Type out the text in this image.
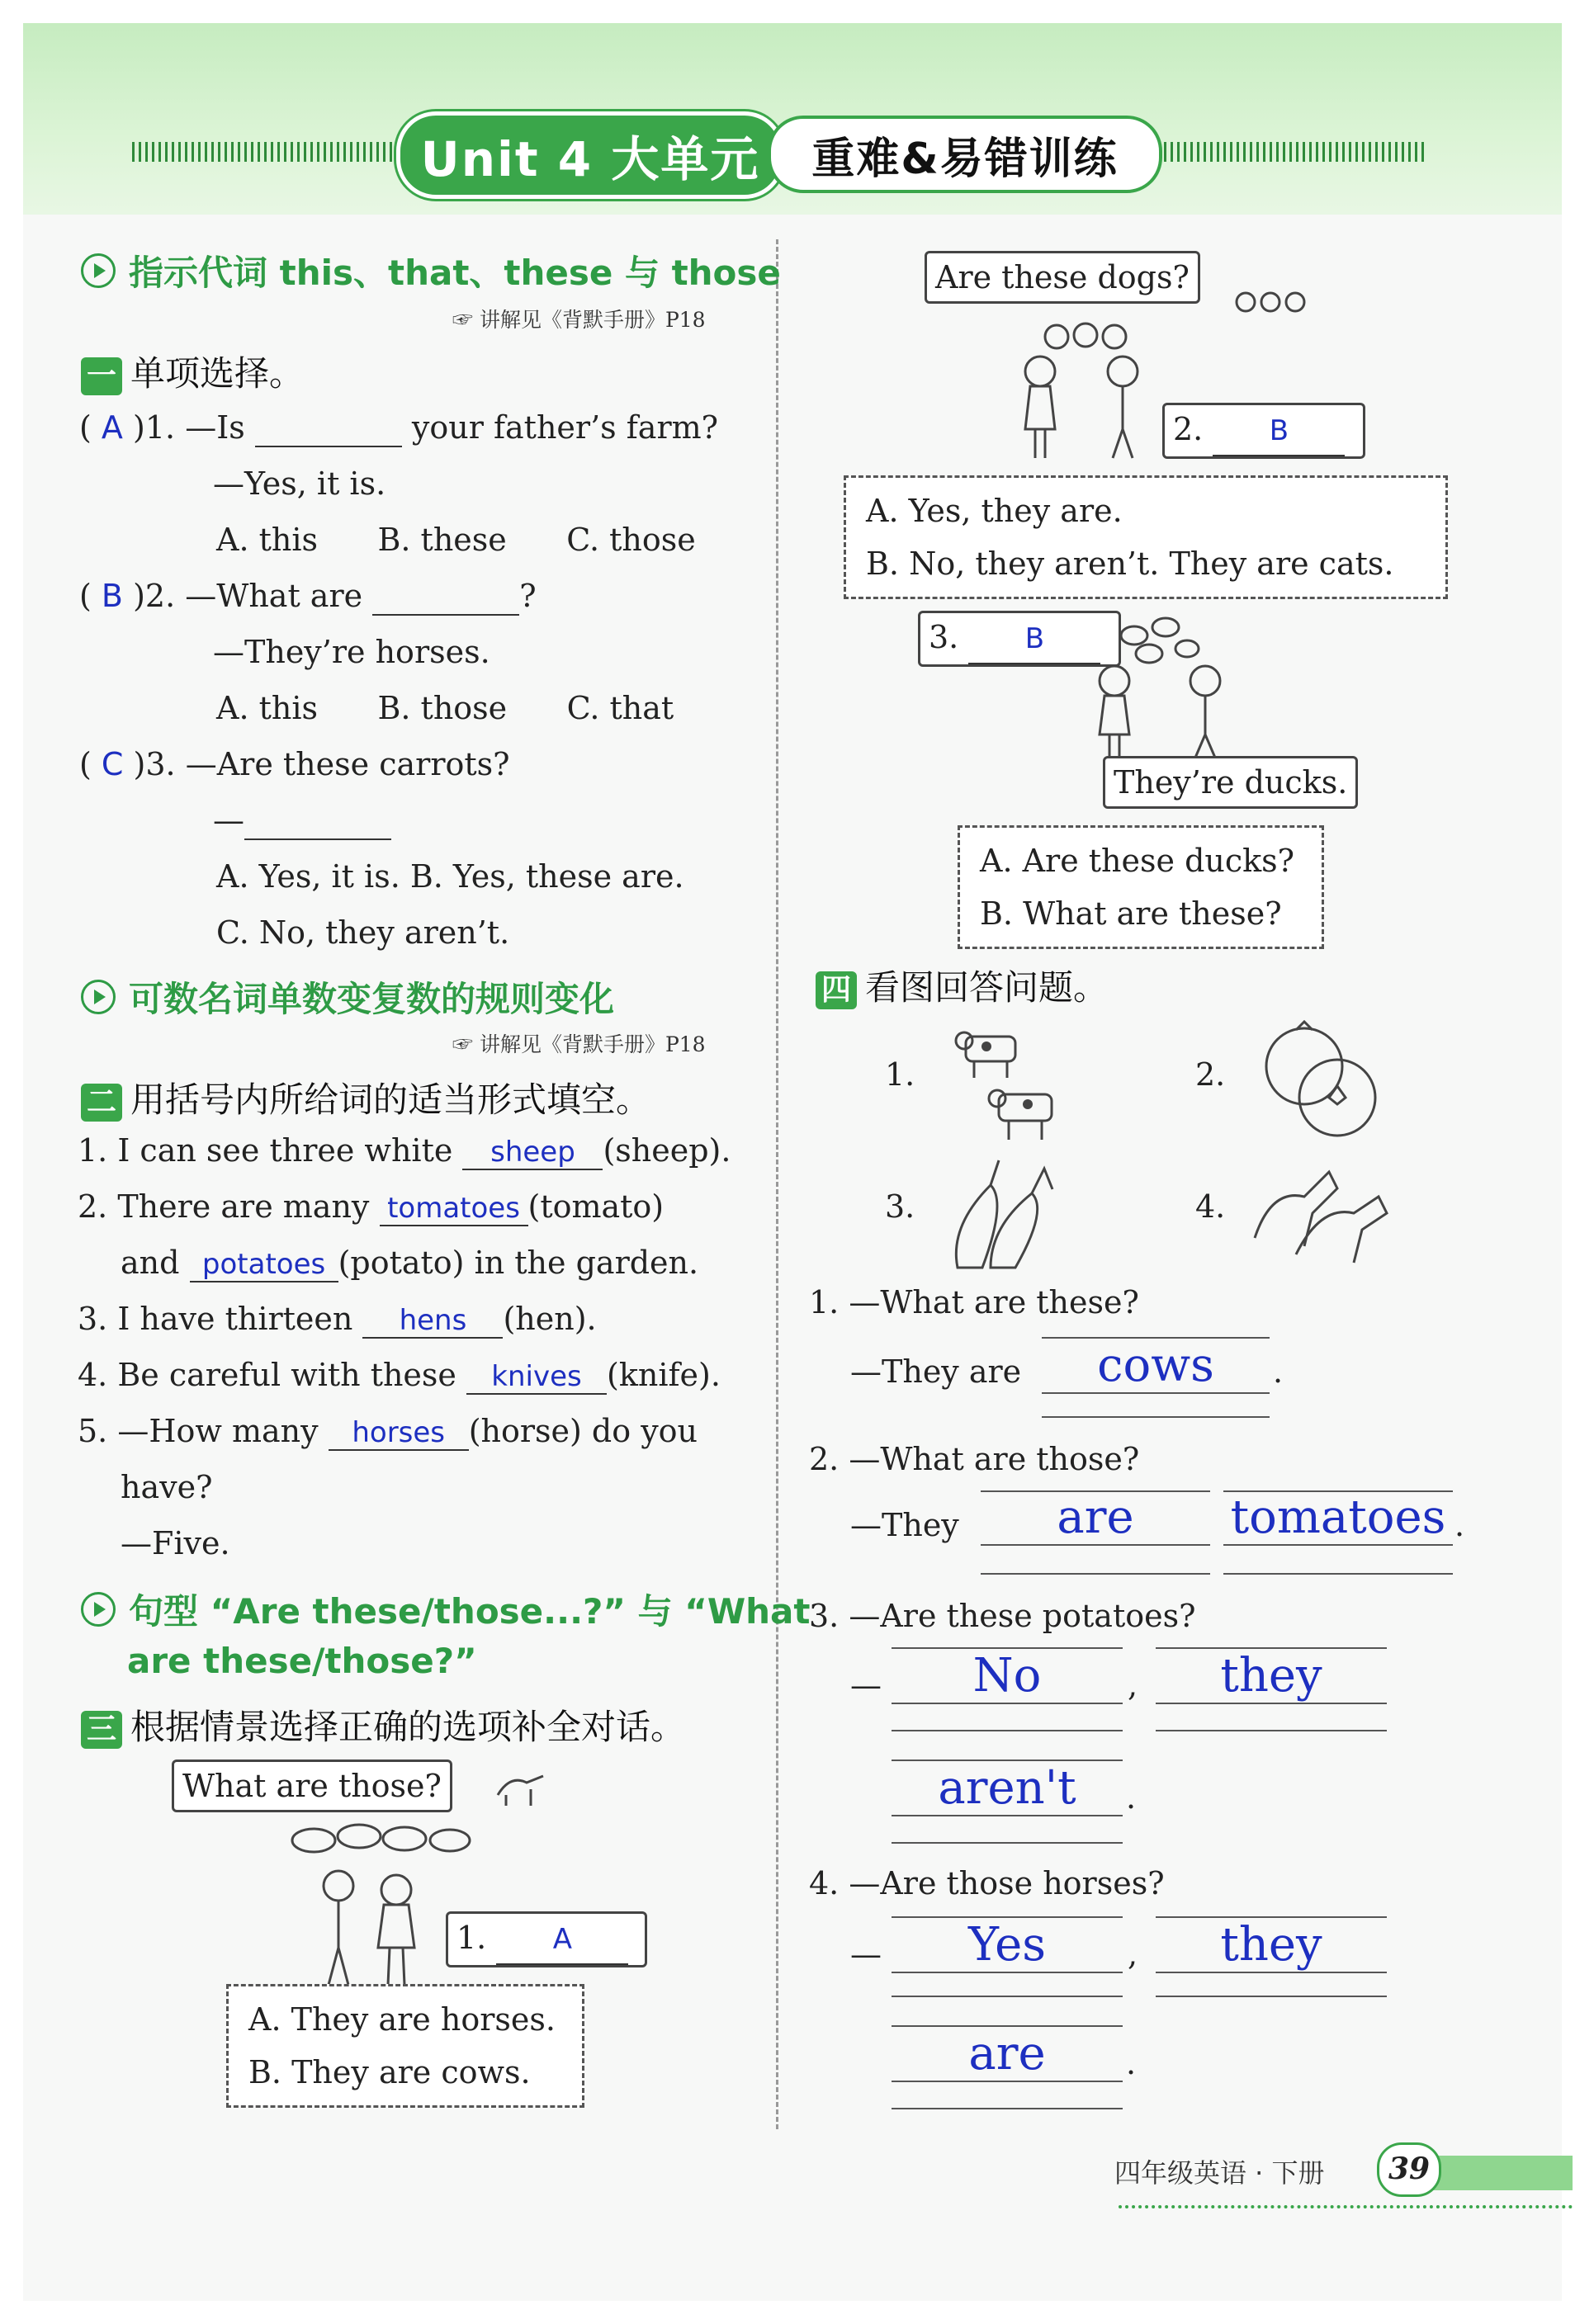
Unit 4 大单元	重难&易错训练
指示代词 this、that、these 与 those
☞ 讲解见《背默手册》P18
一 单项选择。
( A )1. —Is	your father’s farm?
—Yes, it is.
A. this      B. these      C. those
( B )2. —What are	?
—They’re horses.
A. this      B. those      C. that
( C )3. —Are these carrots?
—
A. Yes, it is. B. Yes, these are.
C. No, they aren’t.
可数名词单数变复数的规则变化
☞ 讲解见《背默手册》P18
二 用括号内所给词的适当形式填空。
1. I can see three white sheep (sheep).
2. There are many tomatoes (tomato)
and potatoes (potato) in the garden.
3. I have thirteen hens (hen).
4. Be careful with these knives (knife).
5. —How many horses (horse) do you
have?
—Five.
句型 “Are these/those...?” 与 “What
are these/those?”
三 根据情景选择正确的选项补全对话。
What are those?
1. A
A. They are horses.
B. They are cows.
Are these dogs?
2. B
A. Yes, they are.
B. No, they aren’t. They are cats.
3. B
They’re ducks.
A. Are these ducks?
B. What are these?
四 看图回答问题。
1.	2.
3.	4.
1. —What are these?
—They are	cows	.
2. —What are those?
—They	are	tomatoes .
3. —Are these potatoes?
—	No	,	they
aren't	.
4. —Are those horses?
—	Yes	,	they
are	.
四年级英语 · 下册	39
